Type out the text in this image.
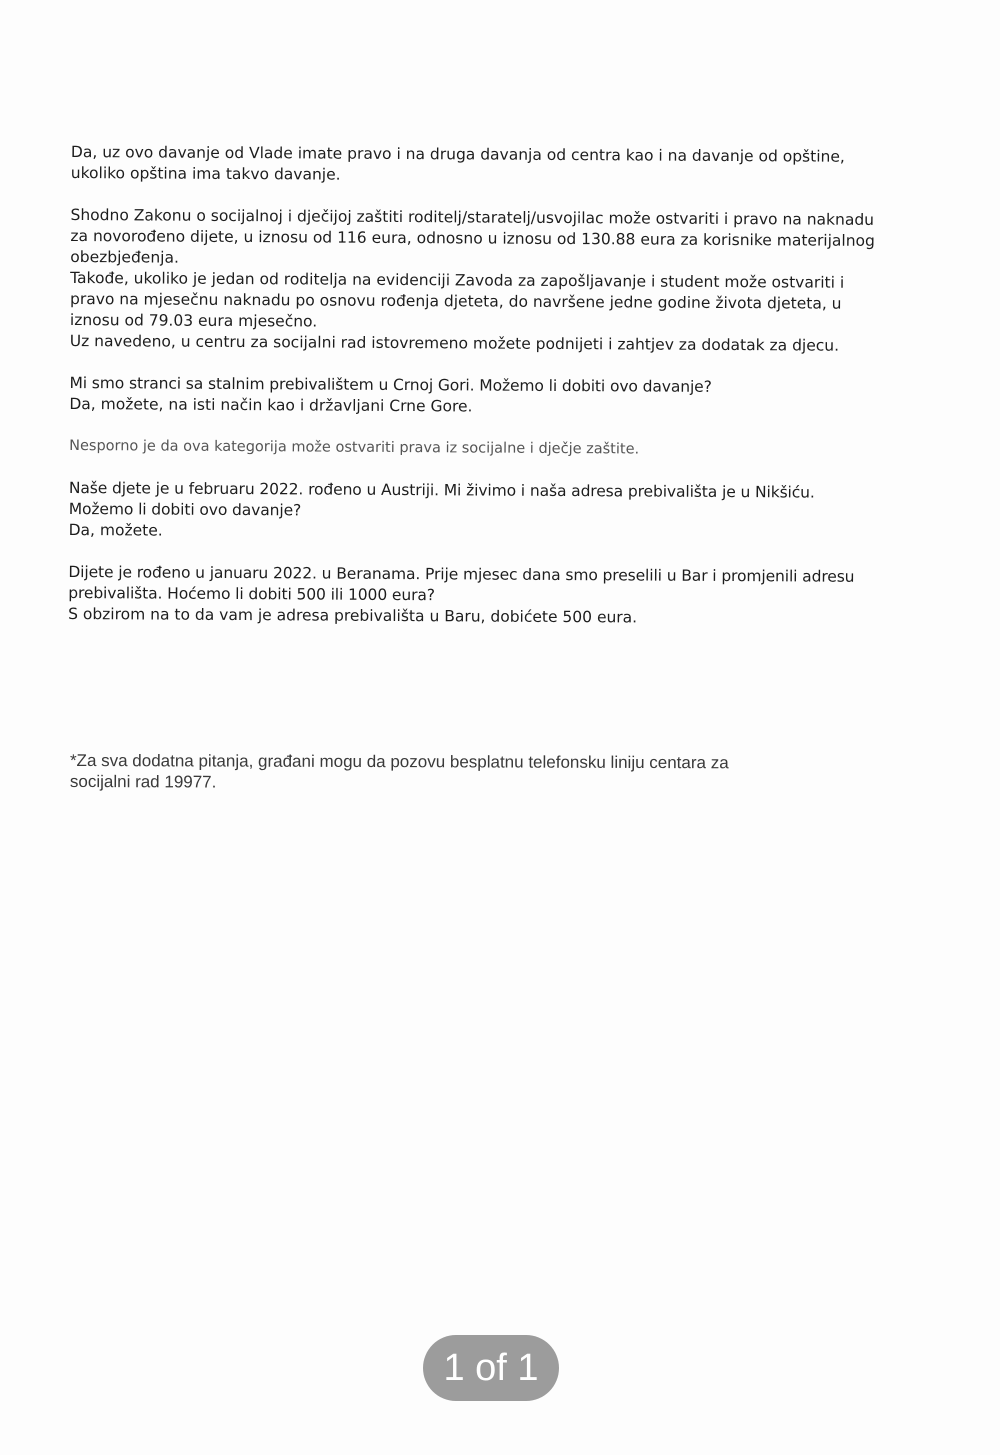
Da, uz ovo davanje od Vlade imate pravo i na druga davanja od centra kao i na davanje od opštine,
ukoliko opština ima takvo davanje.

Shodno Zakonu o socijalnoj i dječijoj zaštiti roditelj/staratelj/usvojilac može ostvariti i pravo na naknadu
za novorođeno dijete, u iznosu od 116 eura, odnosno u iznosu od 130.88 eura za korisnike materijalnog
obezbjeđenja.
Takođe, ukoliko je jedan od roditelja na evidenciji Zavoda za zapošljavanje i student može ostvariti i
pravo na mjesečnu naknadu po osnovu rođenja djeteta, do navršene jedne godine života djeteta, u
iznosu od 79.03 eura mjesečno.
Uz navedeno, u centru za socijalni rad istovremeno možete podnijeti i zahtjev za dodatak za djecu.

Mi smo stranci sa stalnim prebivalištem u Crnoj Gori. Možemo li dobiti ovo davanje?
Da, možete, na isti način kao i državljani Crne Gore.

Nesporno je da ova kategorija može ostvariti prava iz socijalne i dječje zaštite.

Naše djete je u februaru 2022. rođeno u Austriji. Mi živimo i naša adresa prebivališta je u Nikšiću.
Možemo li dobiti ovo davanje?
Da, možete.

Dijete je rođeno u januaru 2022. u Beranama. Prije mjesec dana smo preselili u Bar i promjenili adresu
prebivališta. Hoćemo li dobiti 500 ili 1000 eura?
S obzirom na to da vam je adresa prebivališta u Baru, dobićete 500 eura.

*Za sva dodatna pitanja, građani mogu da pozovu besplatnu telefonsku liniju centara za
socijalni rad 19977.
1 of 1
